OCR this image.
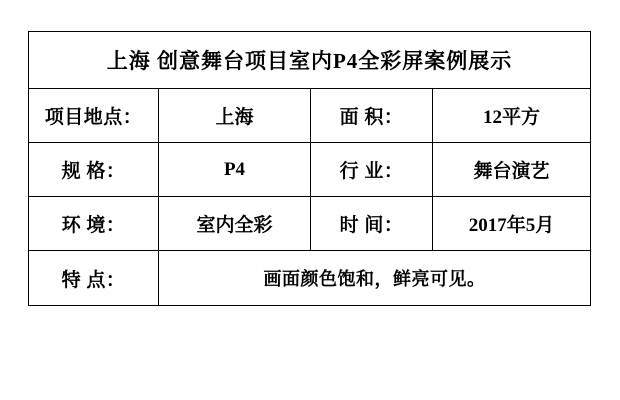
上海 创意舞台项目室内P4全彩屏案例展示			
项目地点：	上海	面 积：	12平方
规 格：	P4	行 业：	舞台演艺
环 境：	室内全彩	时 间：	2017年5月
特 点：	画面颜色饱和，鲜亮可见。		
